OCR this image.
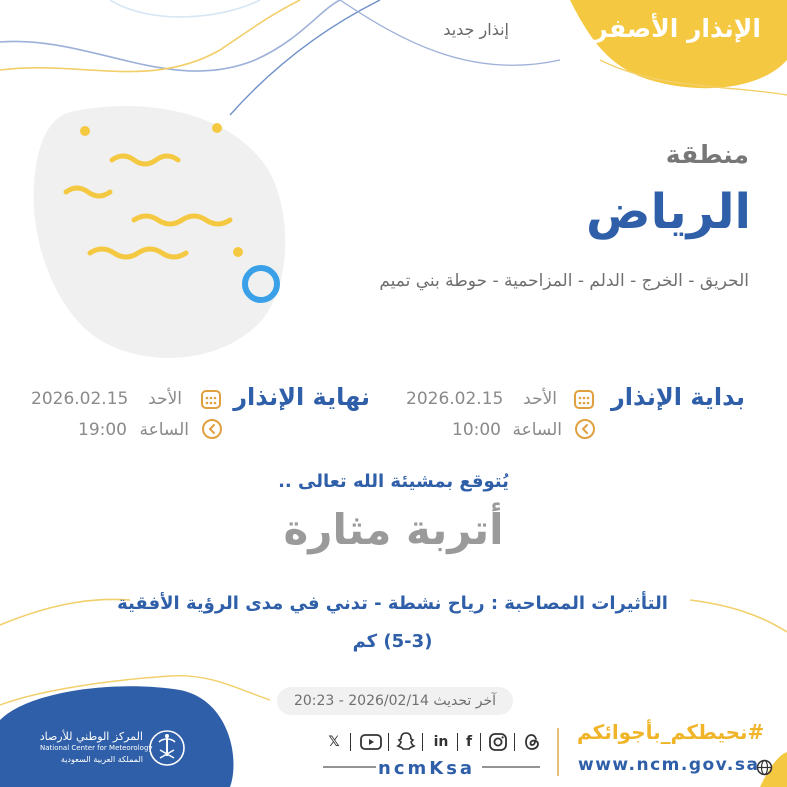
الإنذار الأصفر
إنذار جديد
منطقة
الرياض
الحريق - الخرج - الدلم - المزاحمية - حوطة بني تميم
بداية الإنذار
الأحد
2026.02.15
الساعة
10:00
نهاية الإنذار
الأحد
2026.02.15
الساعة
19:00
يُتوقع بمشيئة الله تعالى ..
أتربة مثارة
التأثيرات المصاحبة : رياح نشطة - تدني في مدى الرؤية الأفقية (3-5) كم
آخر تحديث 2026/02/14 - 20:23
المركز الوطني للأرصاد
National Center for Meteorology
المملكة العربية السعودية
𝕏	in	f
ncmKsa
#نحيطكم_بأجوائكم
www.ncm.gov.sa
